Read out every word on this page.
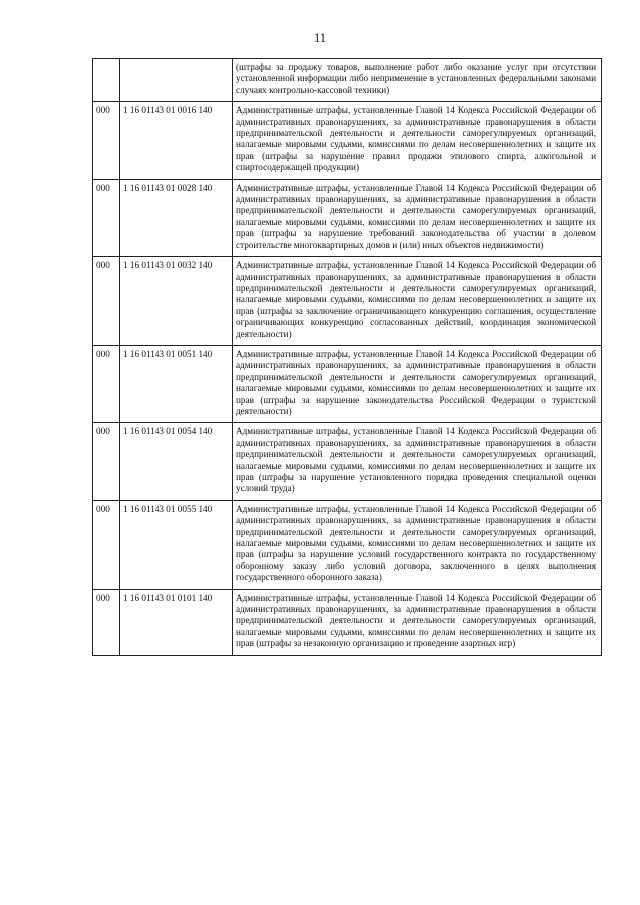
11
		(штрафы за продажу товаров, выполнение работ либо оказание услуг при отсутствии установленной информации либо неприменение в установленных федеральными законами случаях контрольно-кассовой техники)
000	1 16 01143 01 0016 140	Административные штрафы, установленные Главой 14 Кодекса Российской Федерации об административных правонарушениях, за административные правонарушения в области предпринимательской деятельности и деятельности саморегулируемых организаций, налагаемые мировыми судьями, комиссиями по делам несовершеннолетних и защите их прав (штрафы за нарушение правил продажи этилового спирта, алкогольной и спиртосодержащей продукции)
000	1 16 01143 01 0028 140	Административные штрафы, установленные Главой 14 Кодекса Российской Федерации об административных правонарушениях, за административные правонарушения в области предпринимательской деятельности и деятельности саморегулируемых организаций, налагаемые мировыми судьями, комиссиями по делам несовершеннолетних и защите их прав (штрафы за нарушение требований законодательства об участии в долевом строительстве многоквартирных домов и (или) иных объектов недвижимости)
000	1 16 01143 01 0032 140	Административные штрафы, установленные Главой 14 Кодекса Российской Федерации об административных правонарушениях, за административные правонарушения в области предпринимательской деятельности и деятельности саморегулируемых организаций, налагаемые мировыми судьями, комиссиями по делам несовершеннолетних и защите их прав (штрафы за заключение ограничивающего конкуренцию соглашения, осуществление ограничивающих конкуренцию согласованных действий, координация экономической деятельности)
000	1 16 01143 01 0051 140	Административные штрафы, установленные Главой 14 Кодекса Российской Федерации об административных правонарушениях, за административные правонарушения в области предпринимательской деятельности и деятельности саморегулируемых организаций, налагаемые мировыми судьями, комиссиями по делам несовершеннолетних и защите их прав (штрафы за нарушение законодательства Российской Федерации о туристской деятельности)
000	1 16 01143 01 0054 140	Административные штрафы, установленные Главой 14 Кодекса Российской Федерации об административных правонарушениях, за административные правонарушения в области предпринимательской деятельности и деятельности саморегулируемых организаций, налагаемые мировыми судьями, комиссиями по делам несовершеннолетних и защите их прав (штрафы за нарушение установленного порядка проведения специальной оценки условий труда)
000	1 16 01143 01 0055 140	Административные штрафы, установленные Главой 14 Кодекса Российской Федерации об административных правонарушениях, за административные правонарушения в области предпринимательской деятельности и деятельности саморегулируемых организаций, налагаемые мировыми судьями, комиссиями по делам несовершеннолетних и защите их прав (штрафы за нарушение условий государственного контракта по государственному оборонному заказу либо условий договора, заключенного в целях выполнения государственного оборонного заказа)
000	1 16 01143 01 0101 140	Административные штрафы, установленные Главой 14 Кодекса Российской Федерации об административных правонарушениях, за административные правонарушения в области предпринимательской деятельности и деятельности саморегулируемых организаций, налагаемые мировыми судьями, комиссиями по делам несовершеннолетних и защите их прав (штрафы за незаконную организацию и проведение азартных игр)
